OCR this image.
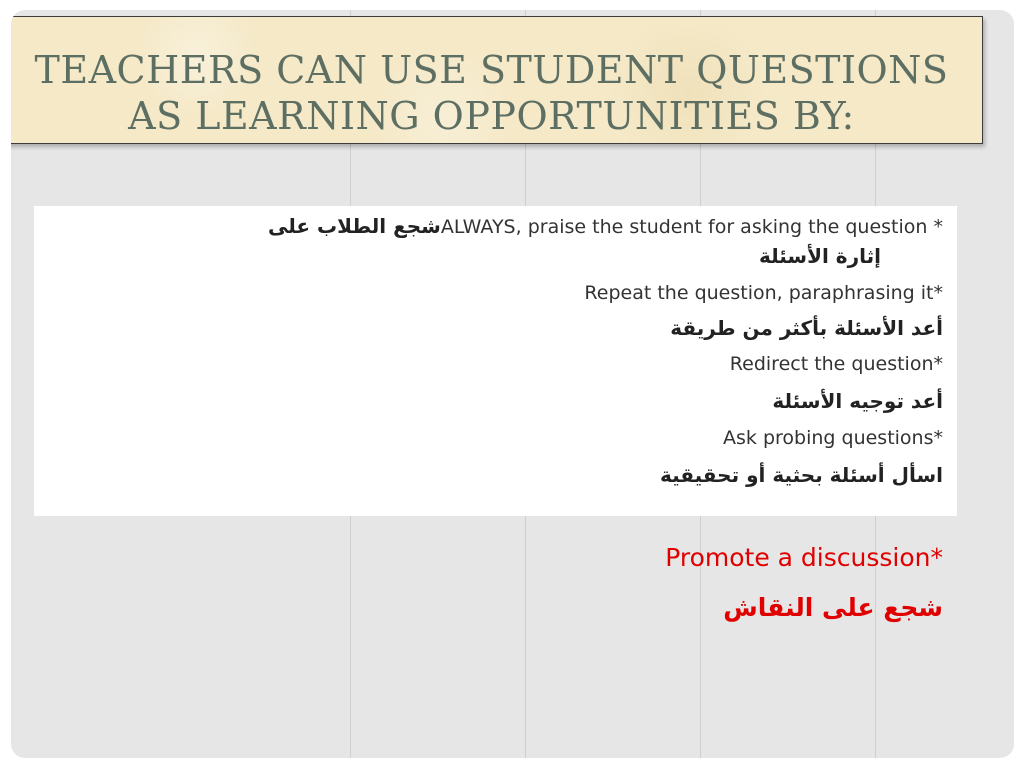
TEACHERS CAN USE STUDENT QUESTIONS
AS LEARNING OPPORTUNITIES BY:
شجع الطلاب علىALWAYS, praise the student for asking the question *
إثارة الأسئلة
Repeat the question, paraphrasing it*
أعد الأسئلة بأكثر من طريقة
Redirect the question*
أعد توجيه الأسئلة
Ask probing questions*
اسأل أسئلة بحثية أو تحقيقية
Promote a discussion*
شجع على النقاش
